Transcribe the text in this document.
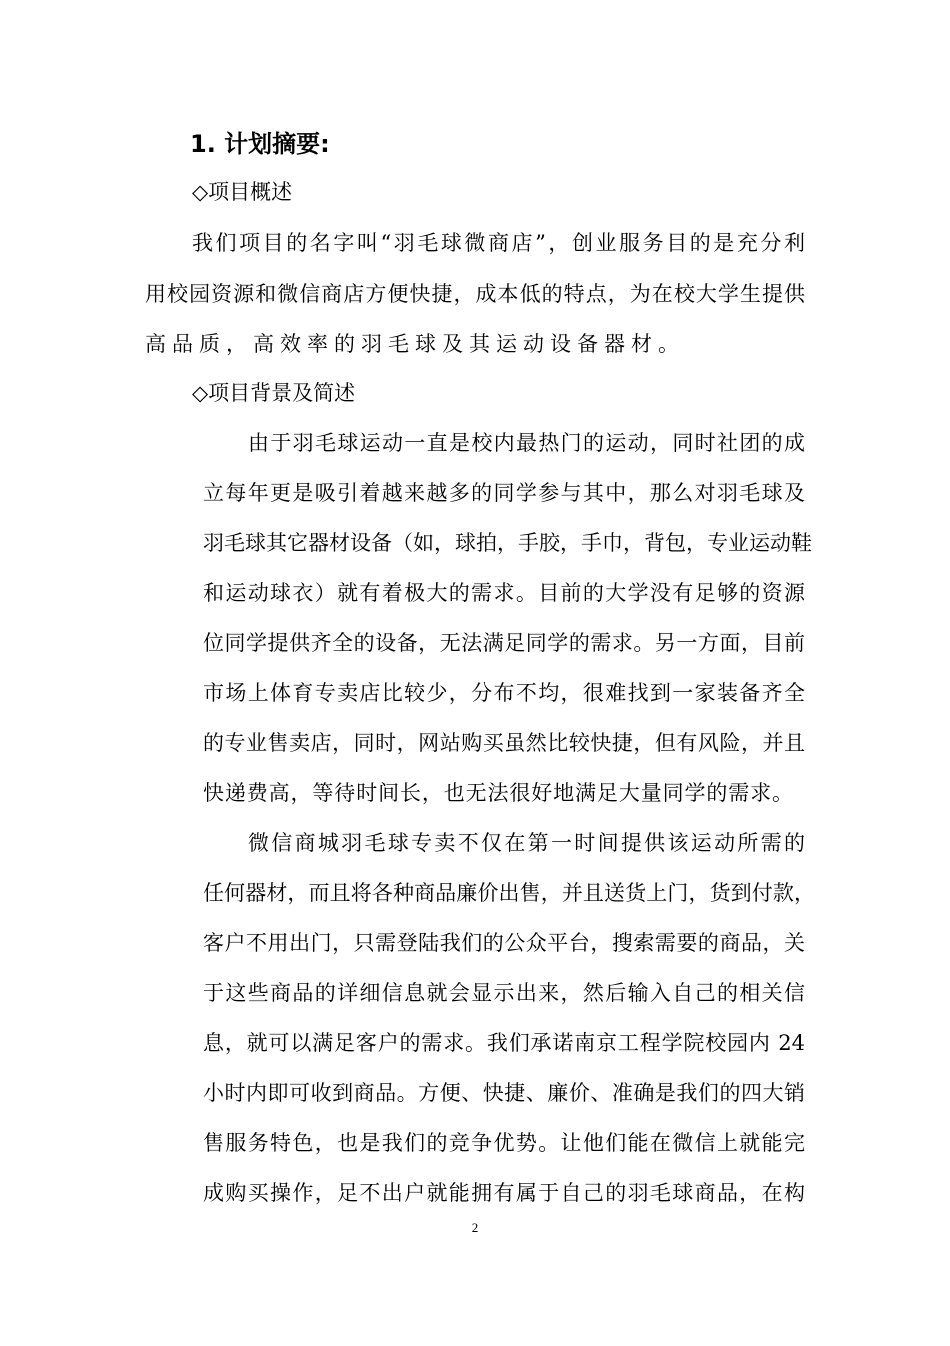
1. 计划摘要:
◇项目概述
我们项目的名字叫“羽毛球微商店”，创业服务目的是充分利
用校园资源和微信商店方便快捷，成本低的特点，为在校大学生提供
高品质，高效率的羽毛球及其运动设备器材。
◇项目背景及简述
由于羽毛球运动一直是校内最热门的运动，同时社团的成
立每年更是吸引着越来越多的同学参与其中，那么对羽毛球及
羽毛球其它器材设备（如，球拍，手胶，手巾，背包，专业运动鞋
和运动球衣）就有着极大的需求。目前的大学没有足够的资源
位同学提供齐全的设备，无法满足同学的需求。另一方面，目前
市场上体育专卖店比较少，分布不均，很难找到一家装备齐全
的专业售卖店，同时，网站购买虽然比较快捷，但有风险，并且
快递费高，等待时间长，也无法很好地满足大量同学的需求。
微信商城羽毛球专卖不仅在第一时间提供该运动所需的
任何器材，而且将各种商品廉价出售，并且送货上门，货到付款，
客户不用出门，只需登陆我们的公众平台，搜索需要的商品，关
于这些商品的详细信息就会显示出来，然后输入自己的相关信
息，就可以满足客户的需求。我们承诺南京工程学院校园内 24
小时内即可收到商品。方便、快捷、廉价、准确是我们的四大销
售服务特色，也是我们的竞争优势。让他们能在微信上就能完
成购买操作，足不出户就能拥有属于自己的羽毛球商品，在构
2
